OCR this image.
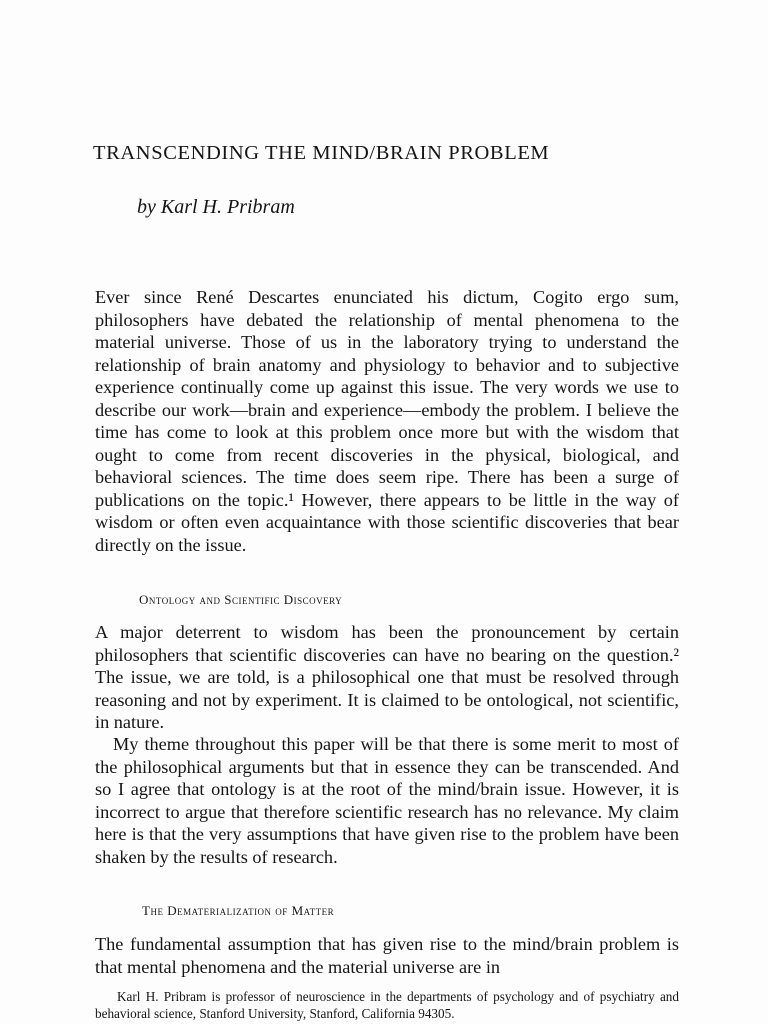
TRANSCENDING THE MIND/BRAIN PROBLEM

by Karl H. Pribram

Ever since René Descartes enunciated his dictum, Cogito ergo sum, philosophers have debated the relationship of mental phenomena to the material universe. Those of us in the laboratory trying to understand the relationship of brain anatomy and physiology to behavior and to subjective experience continually come up against this issue. The very words we use to describe our work—brain and experience—embody the problem. I believe the time has come to look at this problem once more but with the wisdom that ought to come from recent discoveries in the physical, biological, and behavioral sciences. The time does seem ripe. There has been a surge of publications on the topic.¹ However, there appears to be little in the way of wisdom or often even acquaintance with those scientific discoveries that bear directly on the issue.

Ontology and Scientific Discovery

A major deterrent to wisdom has been the pronouncement by certain philosophers that scientific discoveries can have no bearing on the question.² The issue, we are told, is a philosophical one that must be resolved through reasoning and not by experiment. It is claimed to be ontological, not scientific, in nature.

My theme throughout this paper will be that there is some merit to most of the philosophical arguments but that in essence they can be transcended. And so I agree that ontology is at the root of the mind/brain issue. However, it is incorrect to argue that therefore scientific research has no relevance. My claim here is that the very assumptions that have given rise to the problem have been shaken by the results of research.

The Dematerialization of Matter

The fundamental assumption that has given rise to the mind/brain problem is that mental phenomena and the material universe are in

Karl H. Pribram is professor of neuroscience in the departments of psychology and of psychiatry and behavioral science, Stanford University, Stanford, California 94305.
